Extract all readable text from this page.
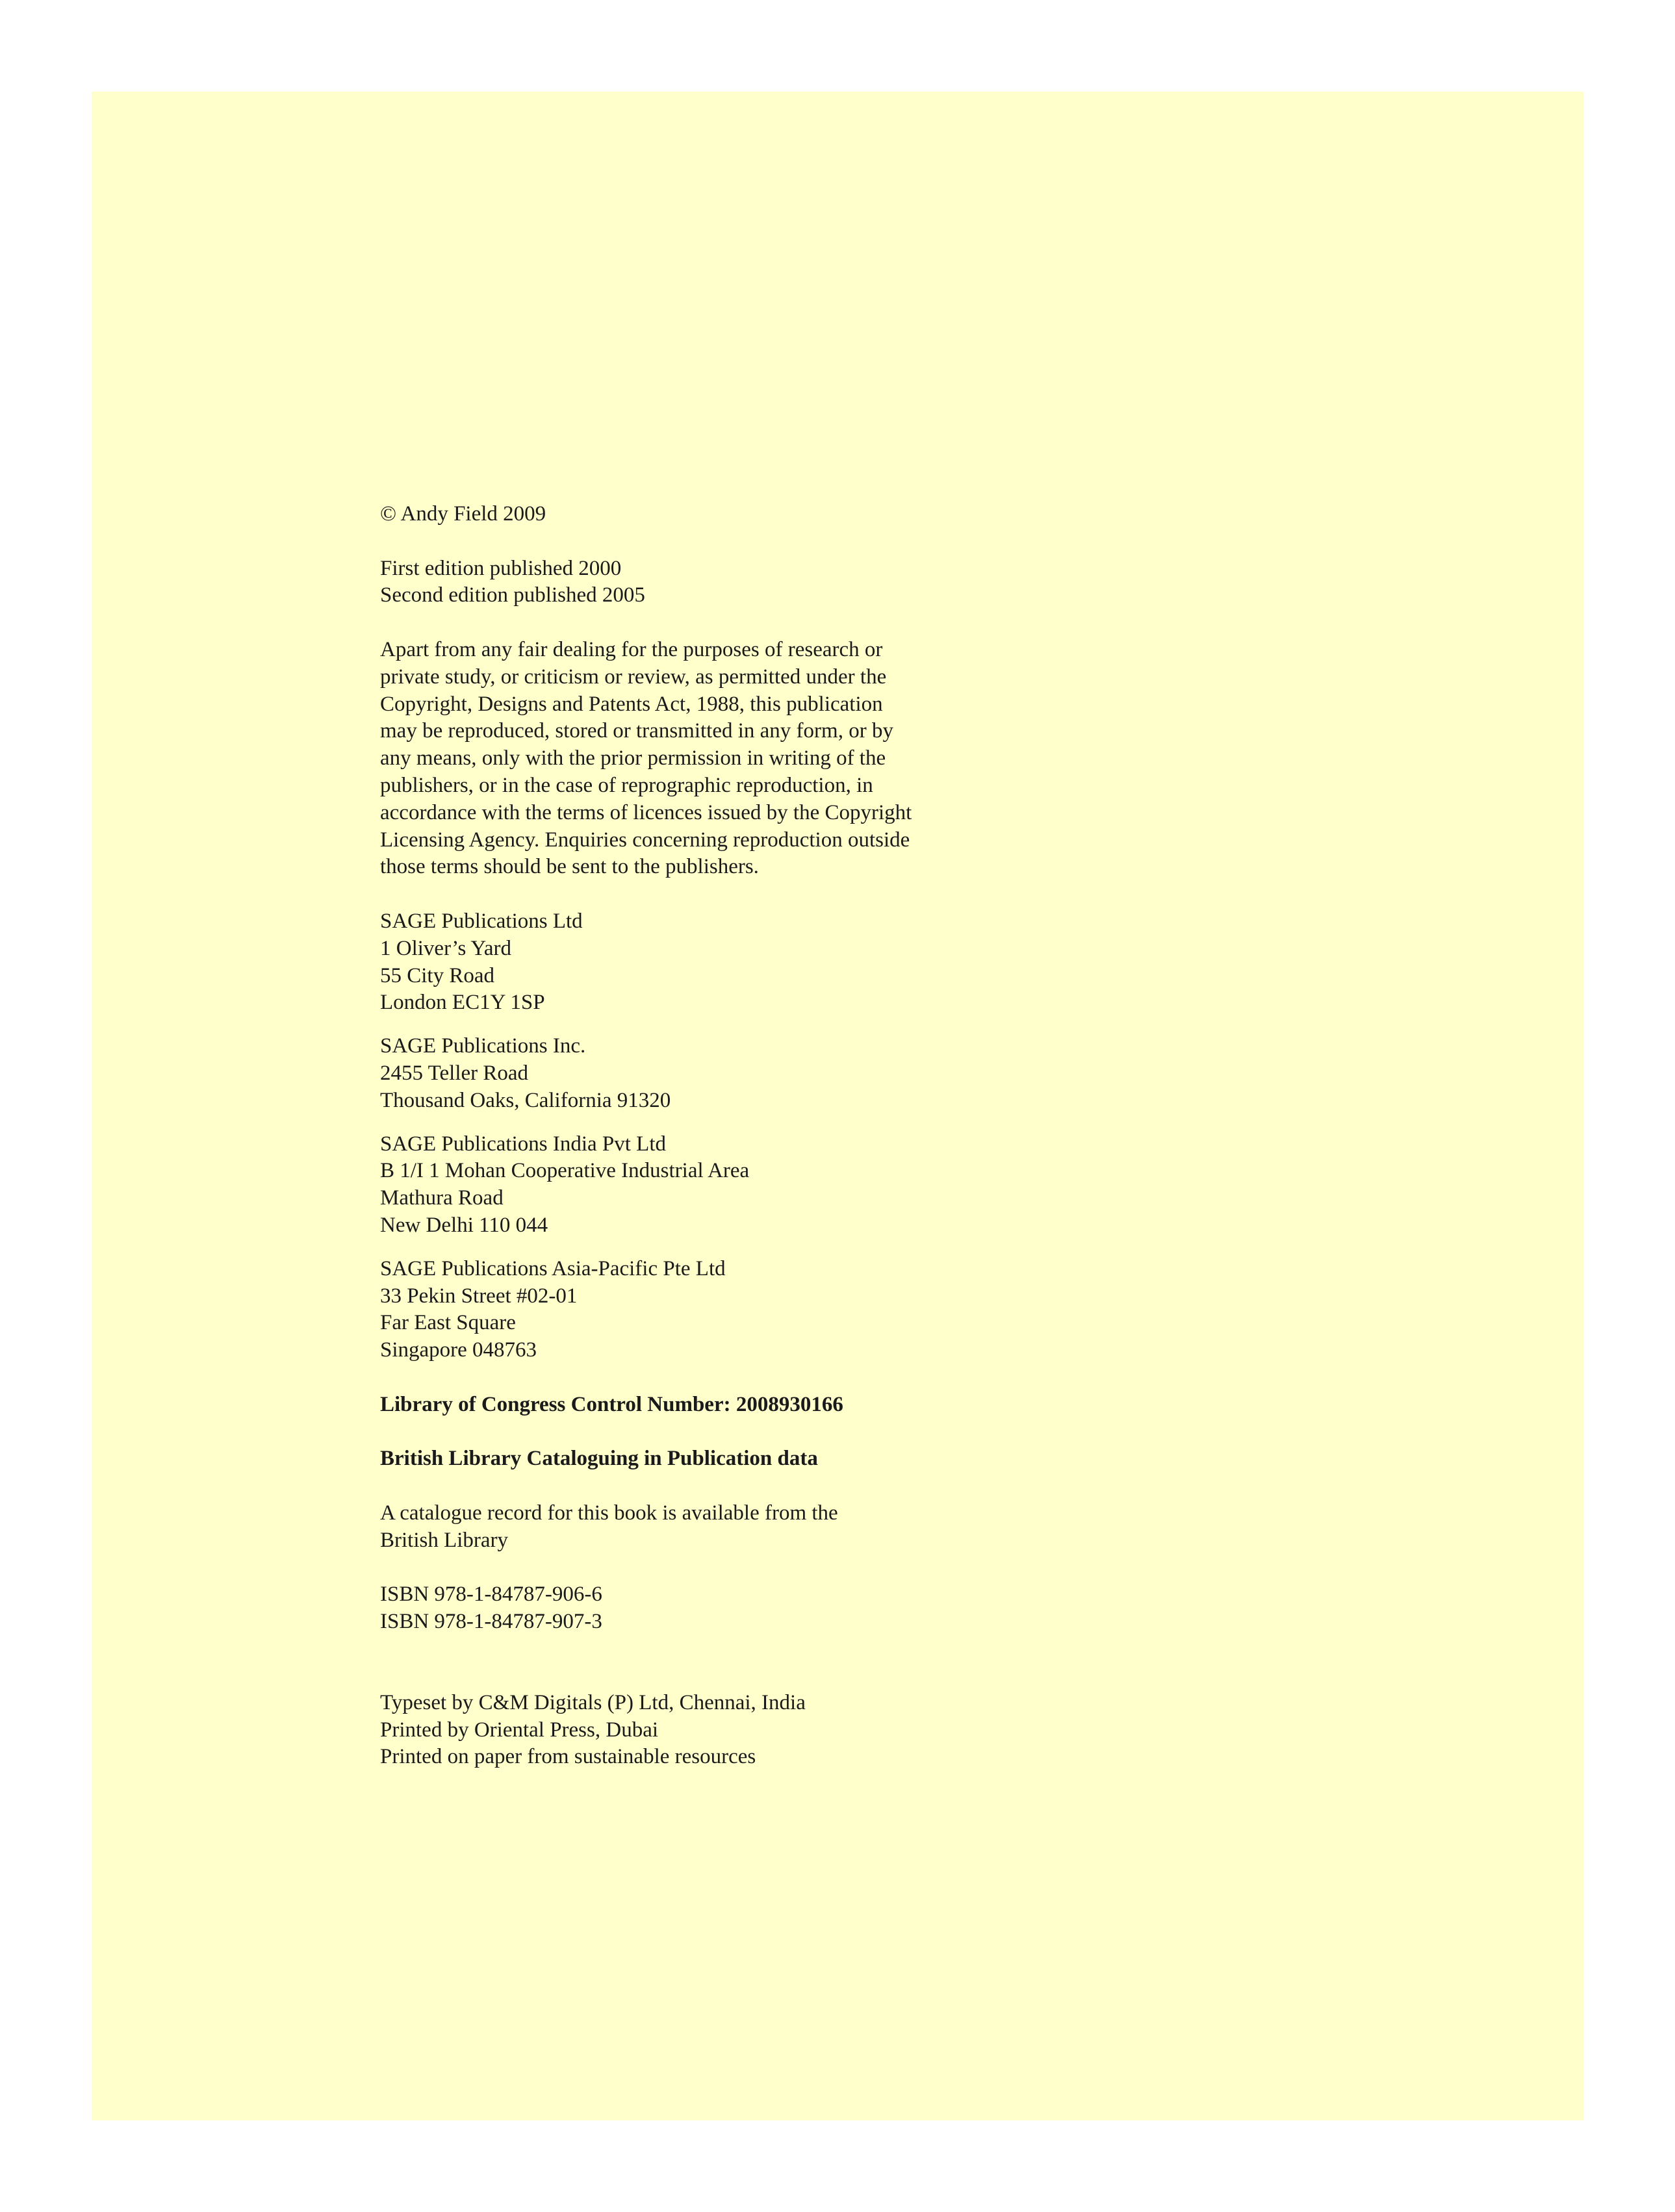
© Andy Field 2009
First edition published 2000
Second edition published 2005
Apart from any fair dealing for the purposes of research or
private study, or criticism or review, as permitted under the
Copyright, Designs and Patents Act, 1988, this publication
may be reproduced, stored or transmitted in any form, or by
any means, only with the prior permission in writing of the
publishers, or in the case of reprographic reproduction, in
accordance with the terms of licences issued by the Copyright
Licensing Agency. Enquiries concerning reproduction outside
those terms should be sent to the publishers.
SAGE Publications Ltd
1 Oliver’s Yard
55 City Road
London EC1Y 1SP
SAGE Publications Inc.
2455 Teller Road
Thousand Oaks, California 91320
SAGE Publications India Pvt Ltd
B 1/I 1 Mohan Cooperative Industrial Area
Mathura Road
New Delhi 110 044
SAGE Publications Asia-Pacific Pte Ltd
33 Pekin Street #02-01
Far East Square
Singapore 048763
Library of Congress Control Number: 2008930166
British Library Cataloguing in Publication data
A catalogue record for this book is available from the
British Library
ISBN 978-1-84787-906-6
ISBN 978-1-84787-907-3
Typeset by C&M Digitals (P) Ltd, Chennai, India
Printed by Oriental Press, Dubai
Printed on paper from sustainable resources
